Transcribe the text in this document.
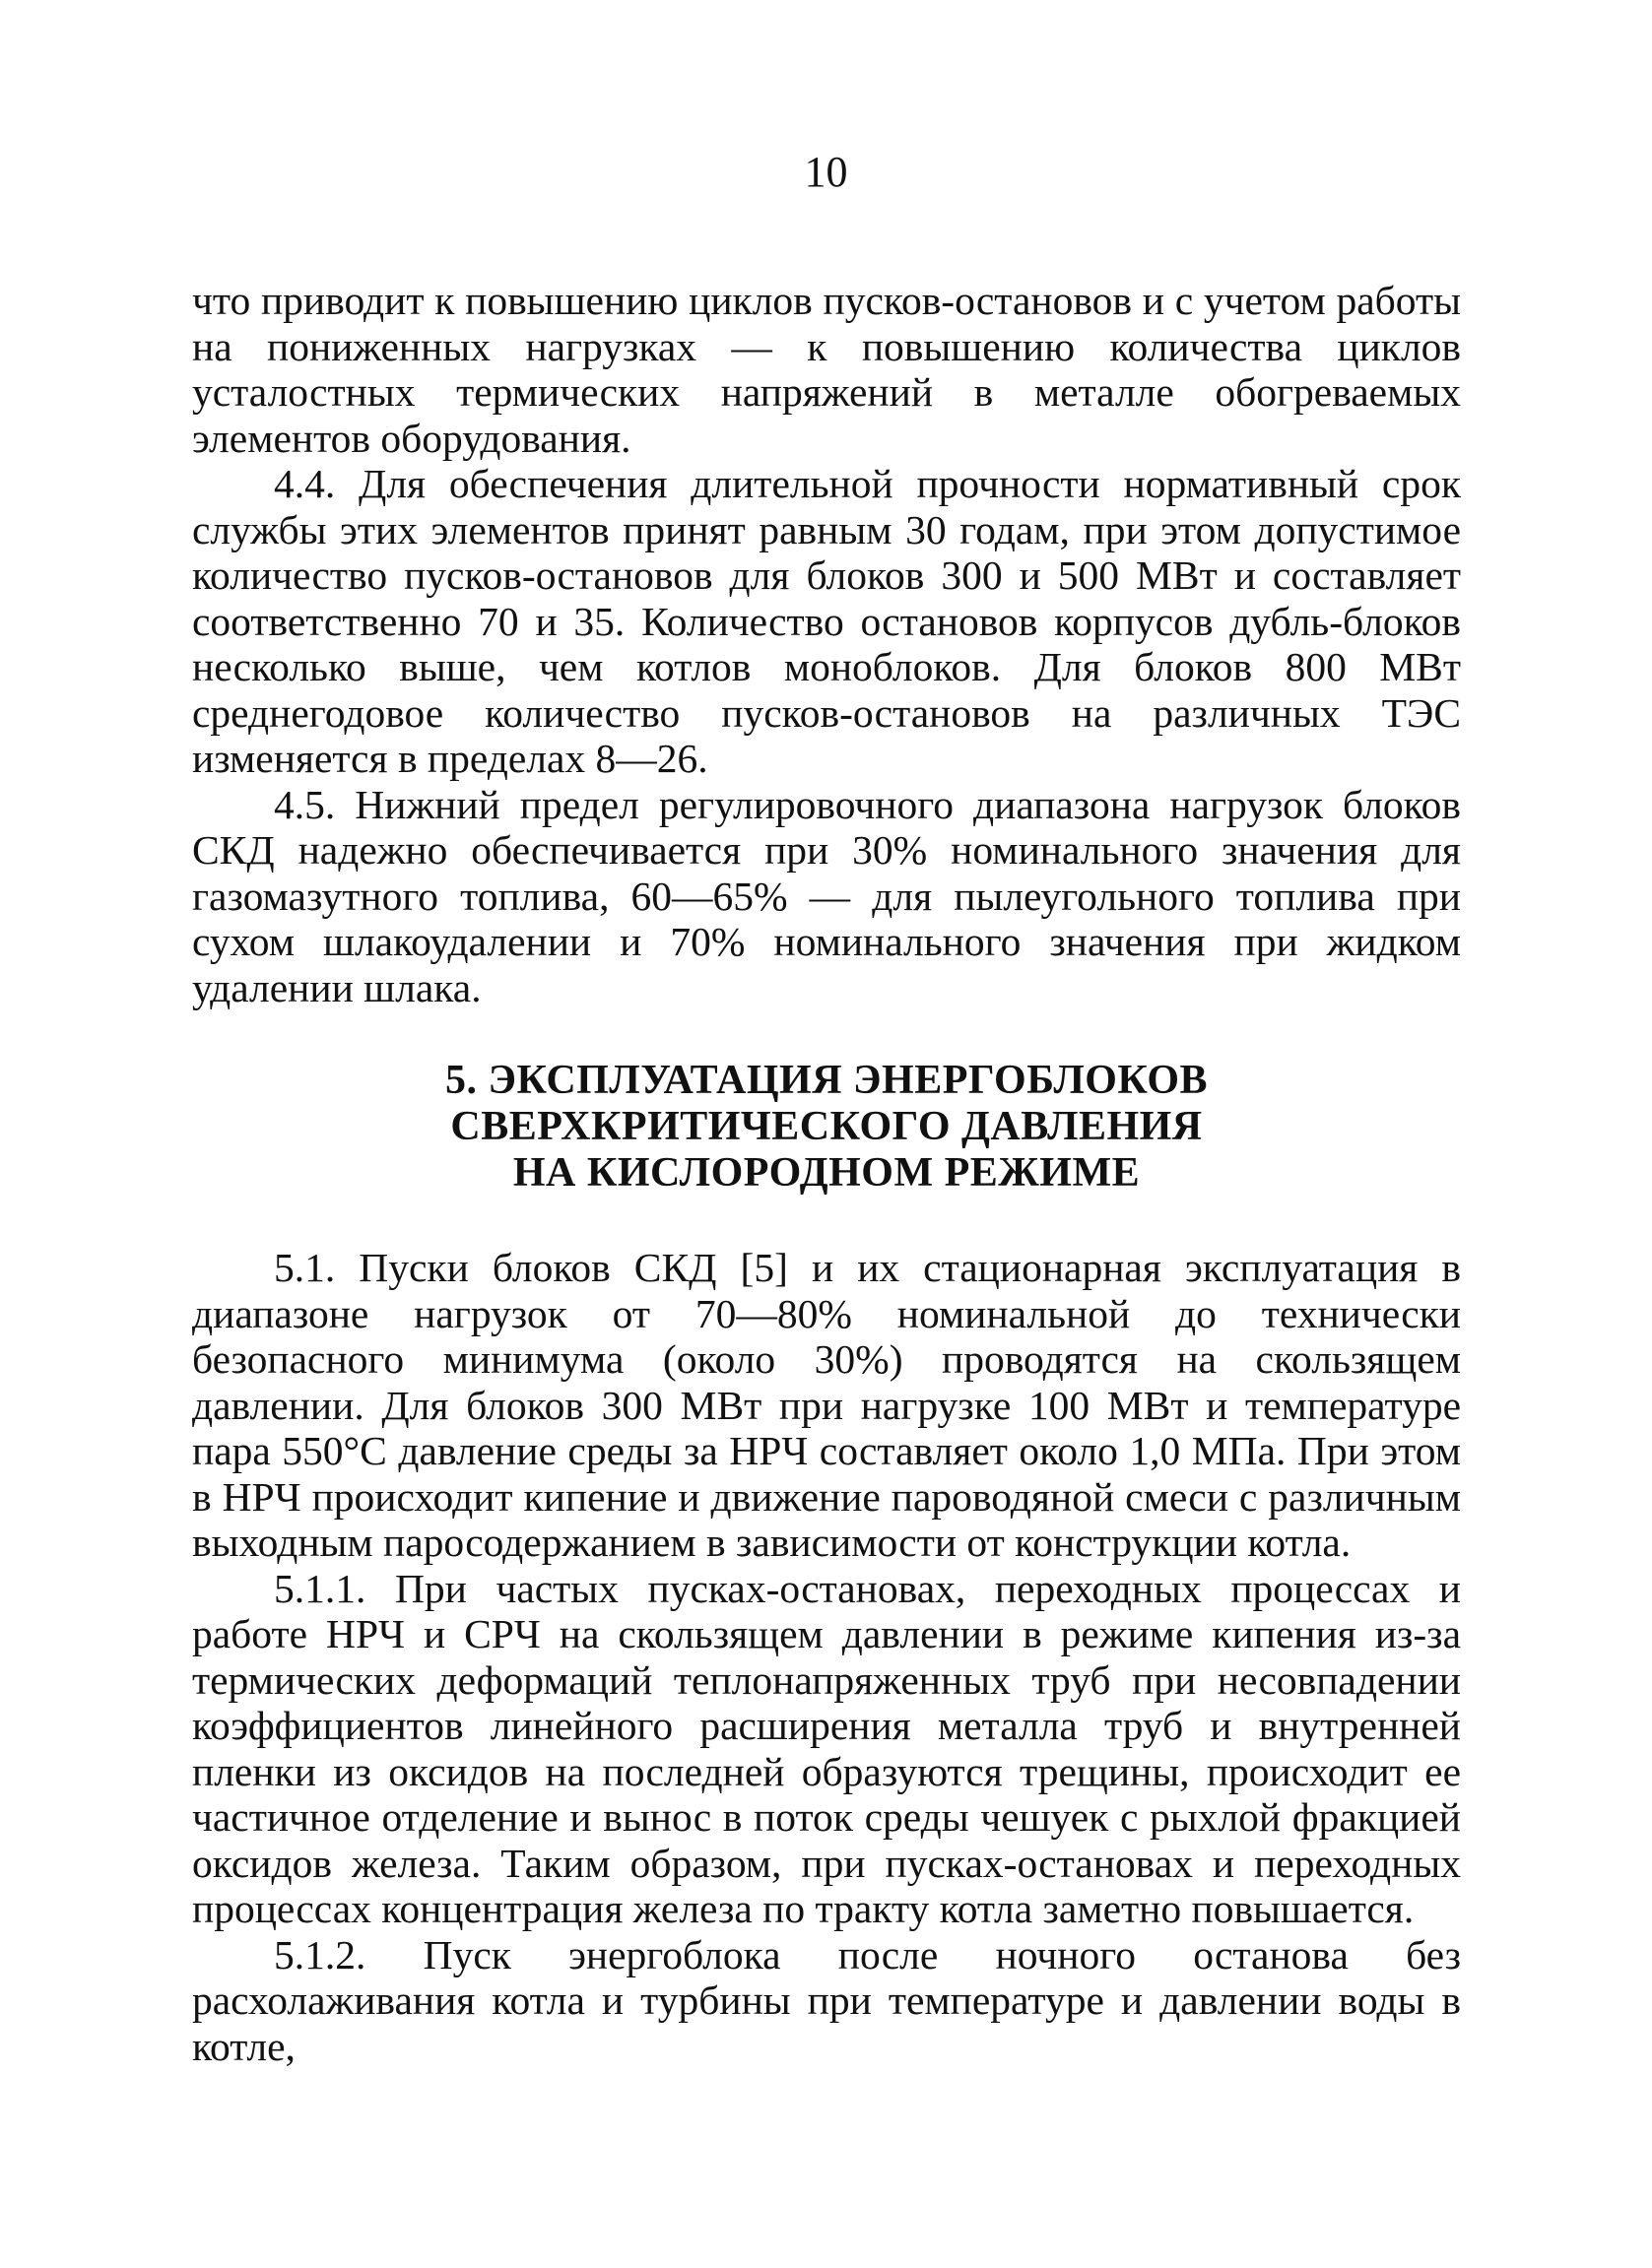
10

что приводит к повышению циклов пусков-остановов и с учетом работы на пониженных нагрузках — к повышению количества циклов усталостных термических напряжений в металле обогреваемых элементов оборудования.

4.4. Для обеспечения длительной прочности нормативный срок службы этих элементов принят равным 30 годам, при этом допустимое количество пусков-остановов для блоков 300 и 500 МВт и составляет соответственно 70 и 35. Количество остановов корпусов дубль-блоков несколько выше, чем котлов моноблоков. Для блоков 800 МВт среднегодовое количество пусков-остановов на различных ТЭС изменяется в пределах 8—26.

4.5. Нижний предел регулировочного диапазона нагрузок блоков СКД надежно обеспечивается при 30% номинального значения для газомазутного топлива, 60—65% — для пылеугольного топлива при сухом шлакоудалении и 70% номинального значения при жидком удалении шлака.

5. ЭКСПЛУАТАЦИЯ ЭНЕРГОБЛОКОВ
СВЕРХКРИТИЧЕСКОГО ДАВЛЕНИЯ
НА КИСЛОРОДНОМ РЕЖИМЕ

5.1. Пуски блоков СКД [5] и их стационарная эксплуатация в диапазоне нагрузок от 70—80% номинальной до технически безопасного минимума (около 30%) проводятся на скользящем давлении. Для блоков 300 МВт при нагрузке 100 МВт и температуре пара 550°С давление среды за НРЧ составляет около 1,0 МПа. При этом в НРЧ происходит кипение и движение пароводяной смеси с различным выходным паросодержанием в зависимости от конструкции котла.

5.1.1. При частых пусках-остановах, переходных процессах и работе НРЧ и СРЧ на скользящем давлении в режиме кипения из-за термических деформаций теплонапряженных труб при несовпадении коэффициентов линейного расширения металла труб и внутренней пленки из оксидов на последней образуются трещины, происходит ее частичное отделение и вынос в поток среды чешуек с рыхлой фракцией оксидов железа. Таким образом, при пусках-остановах и переходных процессах концентрация железа по тракту котла заметно повышается.

5.1.2. Пуск энергоблока после ночного останова без расхолаживания котла и турбины при температуре и давлении воды в котле,
